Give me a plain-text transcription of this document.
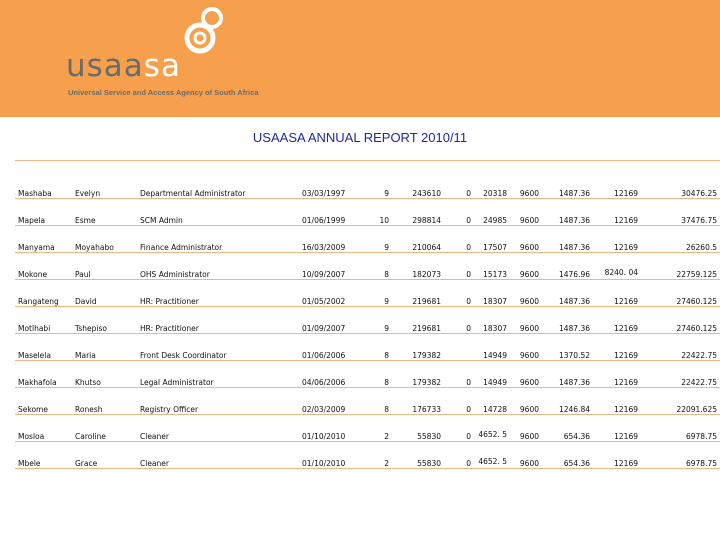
usaasa
Universal Service and Access Agency of South Africa
USAASA ANNUAL REPORT 2010/11
Mashaba	Evelyn	Departmental Administrator	03/03/1997	9	243610	0	20318	9600	1487.36	12169	30476.25
Mapela	Esme	SCM Admin	01/06/1999	10	298814	0	24985	9600	1487.36	12169	37476.75
Manyama	Moyahabo	Finance Administrator	16/03/2009	9	210064	0	17507	9600	1487.36	12169	26260.5
Mokone	Paul	OHS Administrator	10/09/2007	8	182073	0	15173	9600	1476.96	8240. 04	22759.125
Rangateng	David	HR: Practitioner	01/05/2002	9	219681	0	18307	9600	1487.36	12169	27460.125
Motlhabi	Tshepiso	HR: Practitioner	01/09/2007	9	219681	0	18307	9600	1487.36	12169	27460.125
Maselela	Maria	Front Desk Coordinator	01/06/2006	8	179382		14949	9600	1370.52	12169	22422.75
Makhafola	Khutso	Legal Administrator	04/06/2006	8	179382	0	14949	9600	1487.36	12169	22422.75
Sekome	Ronesh	Registry Officer	02/03/2009	8	176733	0	14728	9600	1246.84	12169	22091.625
Mosloa	Caroline	Cleaner	01/10/2010	2	55830	0	4652. 5	9600	654.36	12169	6978.75
Mbele	Grace	Cleaner	01/10/2010	2	55830	0	4652. 5	9600	654.36	12169	6978.75
